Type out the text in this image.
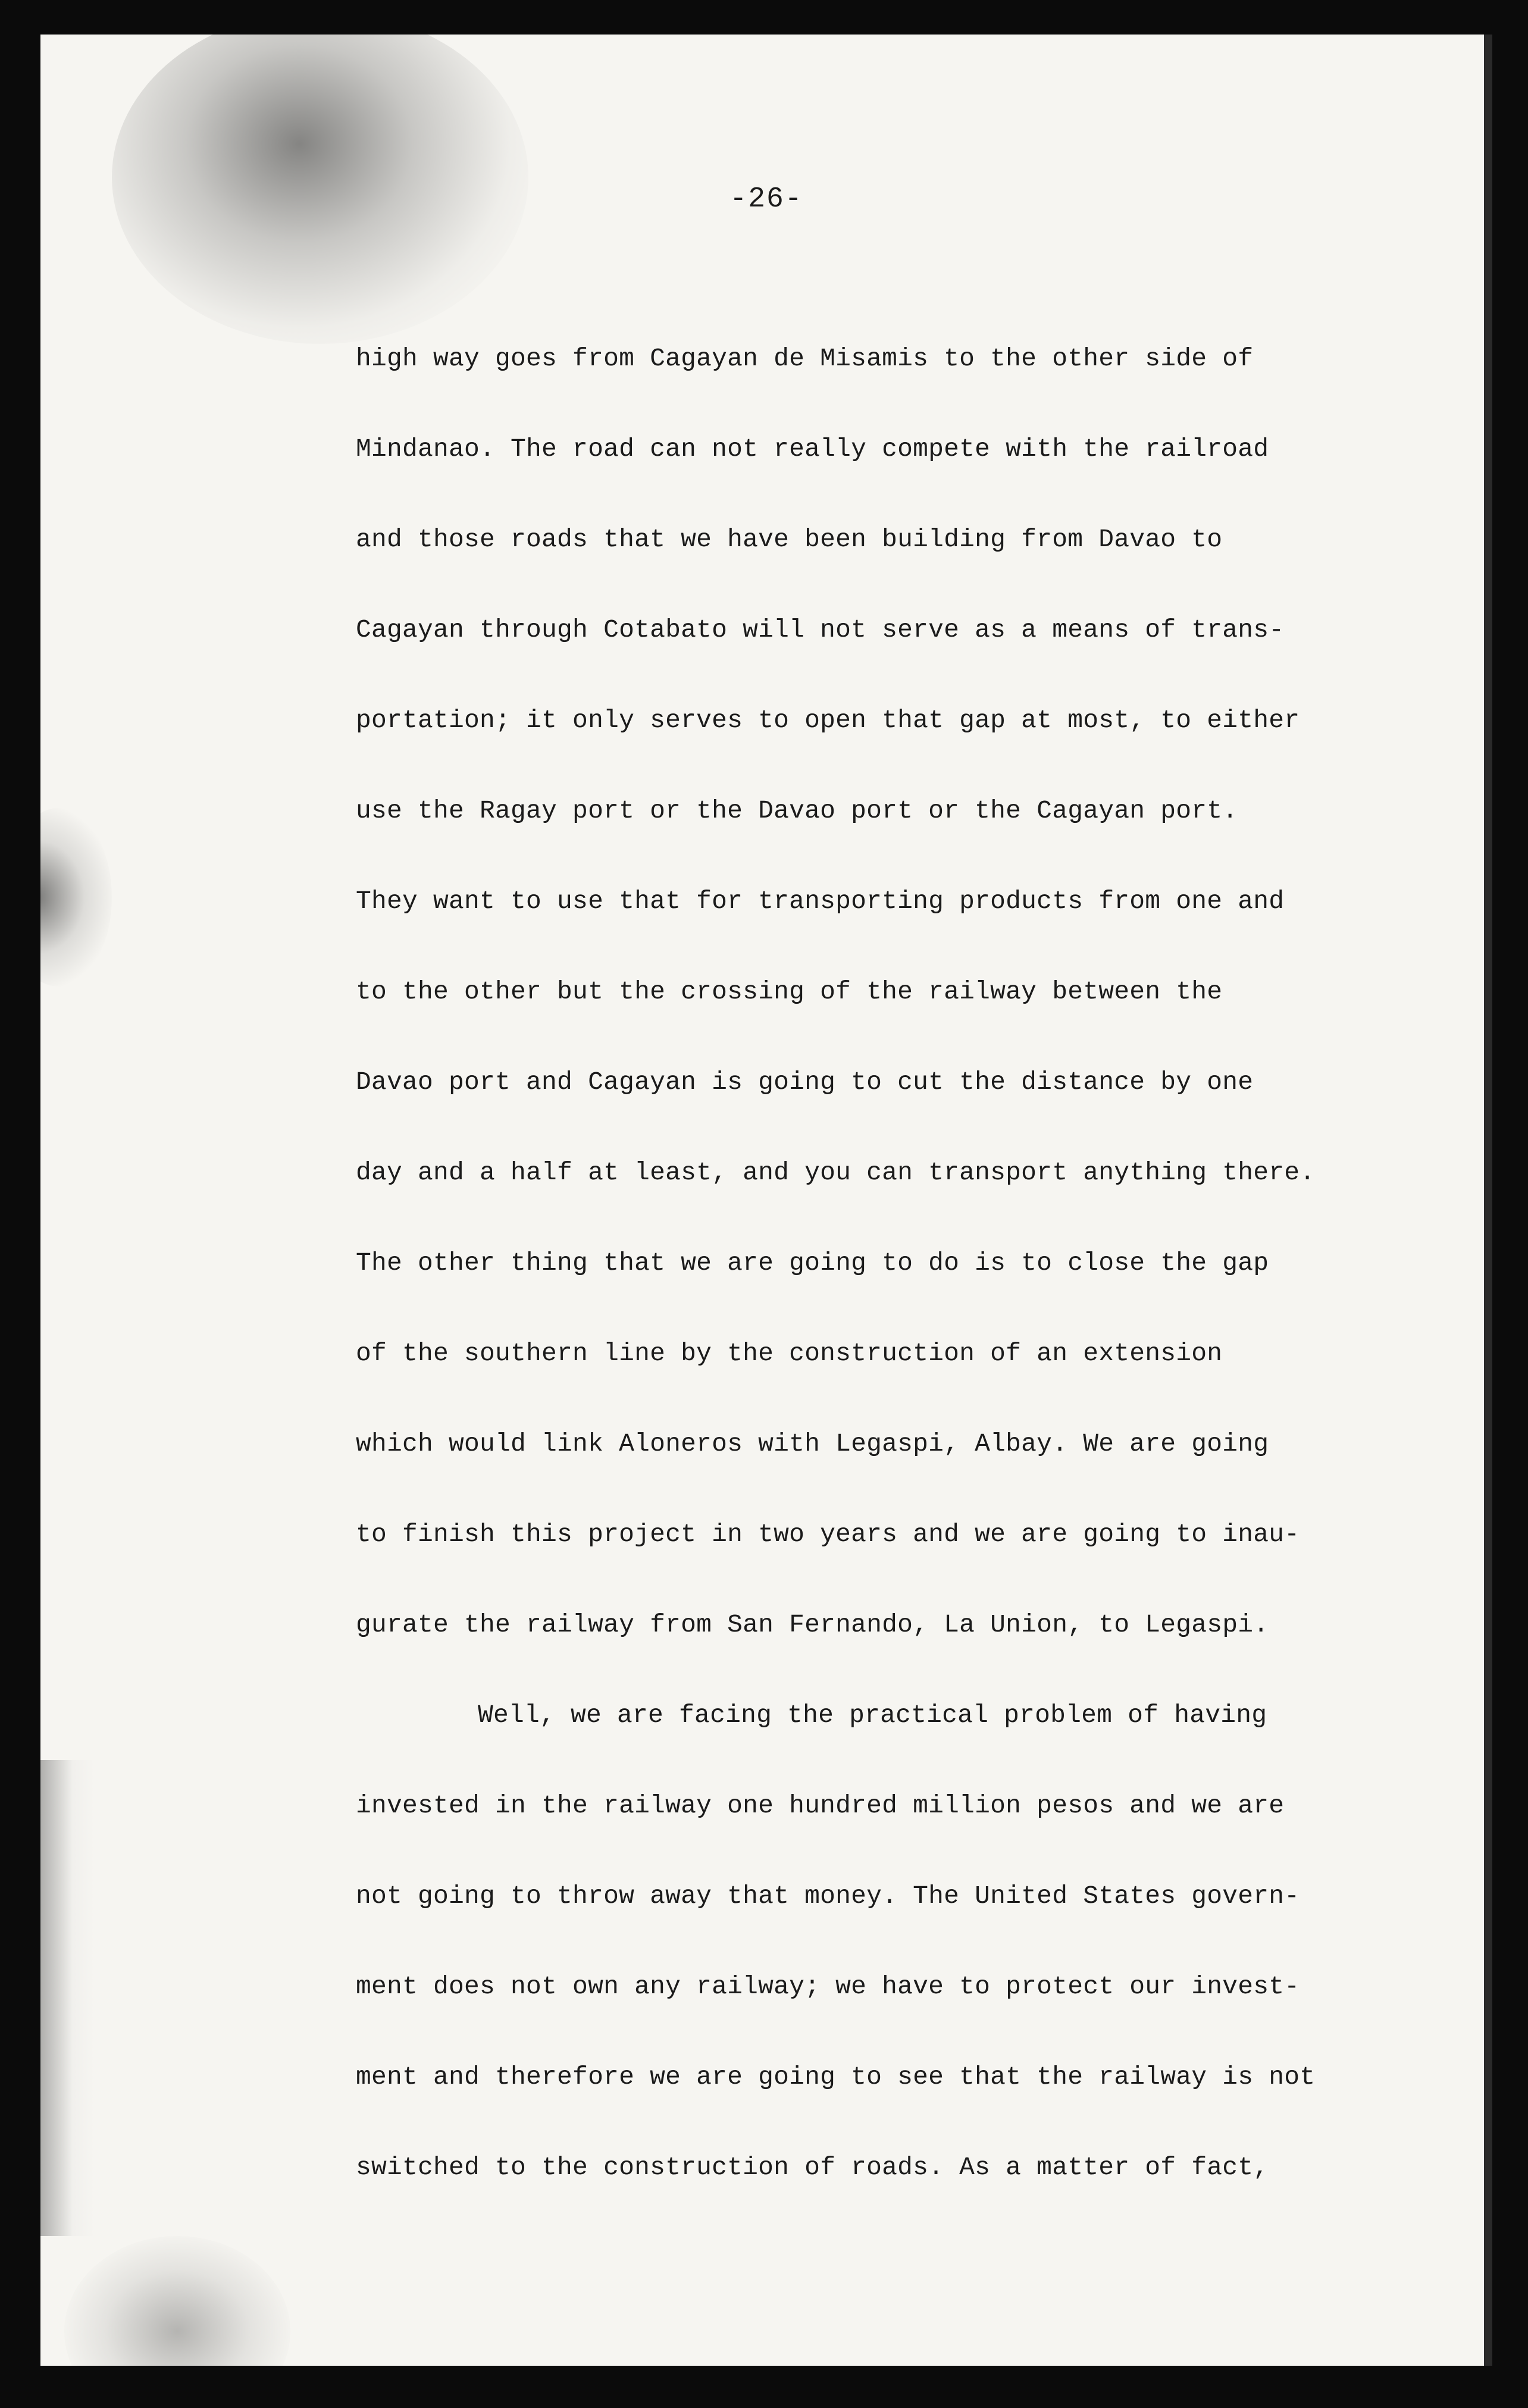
-26-
high way goes from Cagayan de Misamis to the other side of
Mindanao. The road can not really compete with the railroad
and those roads that we have been building from Davao to
Cagayan through Cotabato will not serve as a means of trans-
portation; it only serves to open that gap at most, to either
use the Ragay port or the Davao port or the Cagayan port.
They want to use that for transporting products from one and
to the other but the crossing of the railway between the
Davao port and Cagayan is going to cut the distance by one
day and a half at least, and you can transport anything there.
The other thing that we are going to do is to close the gap
of the southern line by the construction of an extension
which would link Aloneros with Legaspi, Albay. We are going
to finish this project in two years and we are going to inau-
gurate the railway from San Fernando, La Union, to Legaspi.
Well, we are facing the practical problem of having
invested in the railway one hundred million pesos and we are
not going to throw away that money. The United States govern-
ment does not own any railway; we have to protect our invest-
ment and therefore we are going to see that the railway is not
switched to the construction of roads. As a matter of fact,
